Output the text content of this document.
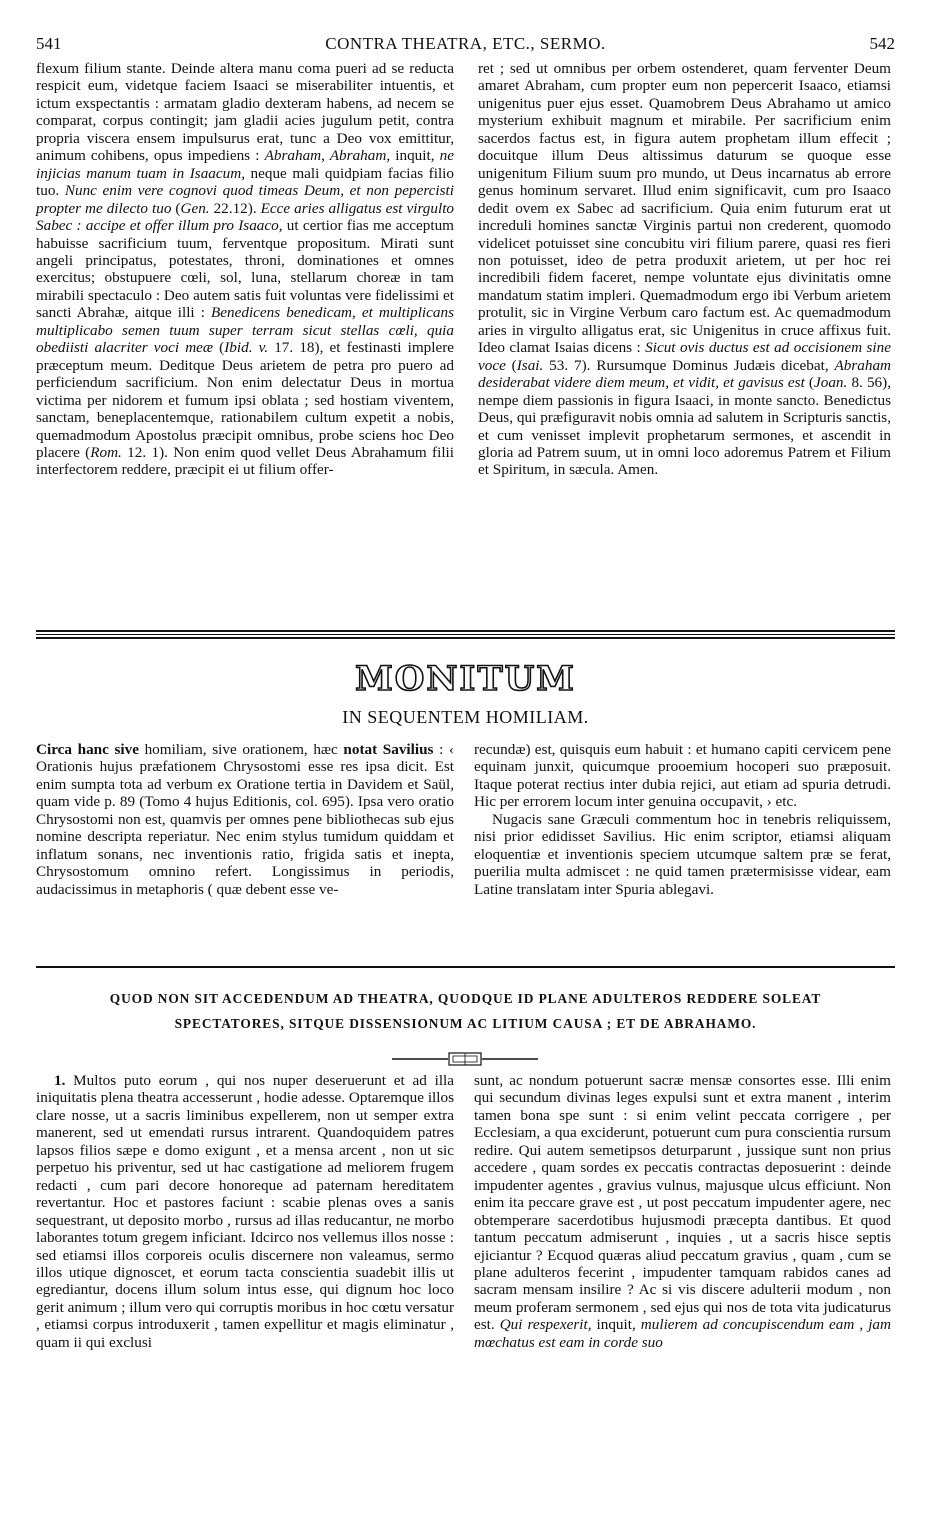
541	CONTRA THEATRA, ETC., SERMO.	542

flexum filium stante. Deinde altera manu coma pueri ad se reducta respicit eum, videtque faciem Isaaci se miserabiliter intuentis, et ictum exspectantis : armatam gladio dexteram habens, ad necem se comparat, corpus contingit; jam gladii acies jugulum petit, contra propria viscera ensem impulsurus erat, tunc a Deo vox emittitur, animum cohibens, opus impediens : Abraham, Abraham, inquit, ne injicias manum tuam in Isaacum, neque mali quidpiam facias filio tuo. Nunc enim vere cognovi quod timeas Deum, et non pepercisti propter me dilecto tuo (Gen. 22.12). Ecce aries alligatus est virgulto Sabec : accipe et offer illum pro Isaaco, ut certior fias me acceptum habuisse sacrificium tuum, ferventque propositum. Mirati sunt angeli principatus, potestates, throni, dominationes et omnes exercitus; obstupuere cœli, sol, luna, stellarum choreæ in tam mirabili spectaculo : Deo autem satis fuit voluntas vere fidelissimi et sancti Abrahæ, aitque illi : Benedicens benedicam, et multiplicans multiplicabo semen tuum super terram sicut stellas cœli, quia obediisti alacriter voci meæ (Ibid. v. 17. 18), et festinasti implere præceptum meum. Deditque Deus arietem de petra pro puero ad perficiendum sacrificium. Non enim delectatur Deus in mortua victima per nidorem et fumum ipsi oblata ; sed hostiam viventem, sanctam, beneplacentemque, rationabilem cultum expetit a nobis, quemadmodum Apostolus præcipit omnibus, probe sciens hoc Deo placere (Rom. 12. 1). Non enim quod vellet Deus Abrahamum filii interfectorem reddere, præcipit ei ut filium offer-

ret ; sed ut omnibus per orbem ostenderet, quam ferventer Deum amaret Abraham, cum propter eum non pepercerit Isaaco, etiamsi unigenitus puer ejus esset. Quamobrem Deus Abrahamo ut amico mysterium exhibuit magnum et mirabile. Per sacrificium enim sacerdos factus est, in figura autem prophetam illum effecit ; docuitque illum Deus altissimus daturum se quoque esse unigenitum Filium suum pro mundo, ut Deus incarnatus ab errore genus hominum servaret. Illud enim significavit, cum pro Isaaco dedit ovem ex Sabec ad sacrificium. Quia enim futurum erat ut increduli homines sanctæ Virginis partui non crederent, quomodo videlicet potuisset sine concubitu viri filium parere, quasi res fieri non potuisset, ideo de petra produxit arietem, ut per hoc rei incredibili fidem faceret, nempe voluntate ejus divinitatis omne mandatum statim impleri. Quemadmodum ergo ibi Verbum arietem protulit, sic in Virgine Verbum caro factum est. Ac quemadmodum aries in virgulto alligatus erat, sic Unigenitus in cruce affixus fuit. Ideo clamat Isaias dicens : Sicut ovis ductus est ad occisionem sine voce (Isai. 53. 7). Rursumque Dominus Judæis dicebat, Abraham desiderabat videre diem meum, et vidit, et gavisus est (Joan. 8. 56), nempe diem passionis in figura Isaaci, in monte sancto. Benedictus Deus, qui præfiguravit nobis omnia ad salutem in Scripturis sanctis, et cum venisset implevit prophetarum sermones, et ascendit in gloria ad Patrem suum, ut in omni loco adoremus Patrem et Filium et Spiritum, in sæcula. Amen.

MONITUM
IN SEQUENTEM HOMILIAM.

Circa hanc sive homiliam, sive orationem, hæc notat Savilius : ‹ Orationis hujus præfationem Chrysostomi esse res ipsa dicit. Est enim sumpta tota ad verbum ex Oratione tertia in Davidem et Saül, quam vide p. 89 (Tomo 4 hujus Editionis, col. 695). Ipsa vero oratio Chrysostomi non est, quamvis per omnes pene bibliothecas sub ejus nomine descripta reperiatur. Nec enim stylus tumidum quiddam et inflatum sonans, nec inventionis ratio, frigida satis et inepta, Chrysostomum omnino refert. Longissimus in periodis, audacissimus in metaphoris ( quæ debent esse ve-

recundæ) est, quisquis eum habuit : et humano capiti cervicem pene equinam junxit, quicumque prooemium hocoperi suo præposuit. Itaque poterat rectius inter dubia rejici, aut etiam ad spuria detrudi. Hic per errorem locum inter genuina occupavit, › etc.

Nugacis sane Græculi commentum hoc in tenebris reliquissem, nisi prior edidisset Savilius. Hic enim scriptor, etiamsi aliquam eloquentiæ et inventionis speciem utcumque saltem præ se ferat, puerilia multa admiscet : ne quid tamen prætermisisse videar, eam Latine translatam inter Spuria ablegavi.

QUOD NON SIT ACCEDENDUM AD THEATRA, QUODQUE ID PLANE ADULTEROS REDDERE SOLEAT
SPECTATORES, SITQUE DISSENSIONUM AC LITIUM CAUSA ; ET DE ABRAHAMO.

1. Multos puto eorum , qui nos nuper deseruerunt et ad illa iniquitatis plena theatra accesserunt , hodie adesse. Optaremque illos clare nosse, ut a sacris liminibus expellerem, non ut semper extra manerent, sed ut emendati rursus intrarent. Quandoquidem patres lapsos filios sæpe e domo exigunt , et a mensa arcent , non ut sic perpetuo his priventur, sed ut hac castigatione ad meliorem frugem redacti , cum pari decore honoreque ad paternam hereditatem revertantur. Hoc et pastores faciunt : scabie plenas oves a sanis sequestrant, ut deposito morbo , rursus ad illas reducantur, ne morbo laborantes totum gregem inficiant. Idcirco nos vellemus illos nosse : sed etiamsi illos corporeis oculis discernere non valeamus, sermo illos utique dignoscet, et eorum tacta conscientia suadebit illis ut egrediantur, docens illum solum intus esse, qui dignum hoc loco gerit animum ; illum vero qui corruptis moribus in hoc cœtu versatur , etiamsi corpus introduxerit , tamen expellitur et magis eliminatur , quam ii qui exclusi

sunt, ac nondum potuerunt sacræ mensæ consortes esse. Illi enim qui secundum divinas leges expulsi sunt et extra manent , interim tamen bona spe sunt : si enim velint peccata corrigere , per Ecclesiam, a qua exciderunt, potuerunt cum pura conscientia rursum redire. Qui autem semetipsos deturparunt , jussique sunt non prius accedere , quam sordes ex peccatis contractas deposuerint : deinde impudenter agentes , gravius vulnus, majusque ulcus efficiunt. Non enim ita peccare grave est , ut post peccatum impudenter agere, nec obtemperare sacerdotibus hujusmodi præcepta dantibus. Et quod tantum peccatum admiserunt , inquies , ut a sacris hisce septis ejiciantur ? Ecquod quæras aliud peccatum gravius , quam , cum se plane adulteros fecerint , impudenter tamquam rabidos canes ad sacram mensam insilire ? Ac si vis discere adulterii modum , non meum proferam sermonem , sed ejus qui nos de tota vita judicaturus est. Qui respexerit, inquit, mulierem ad concupiscendum eam , jam mœchatus est eam in corde suo
